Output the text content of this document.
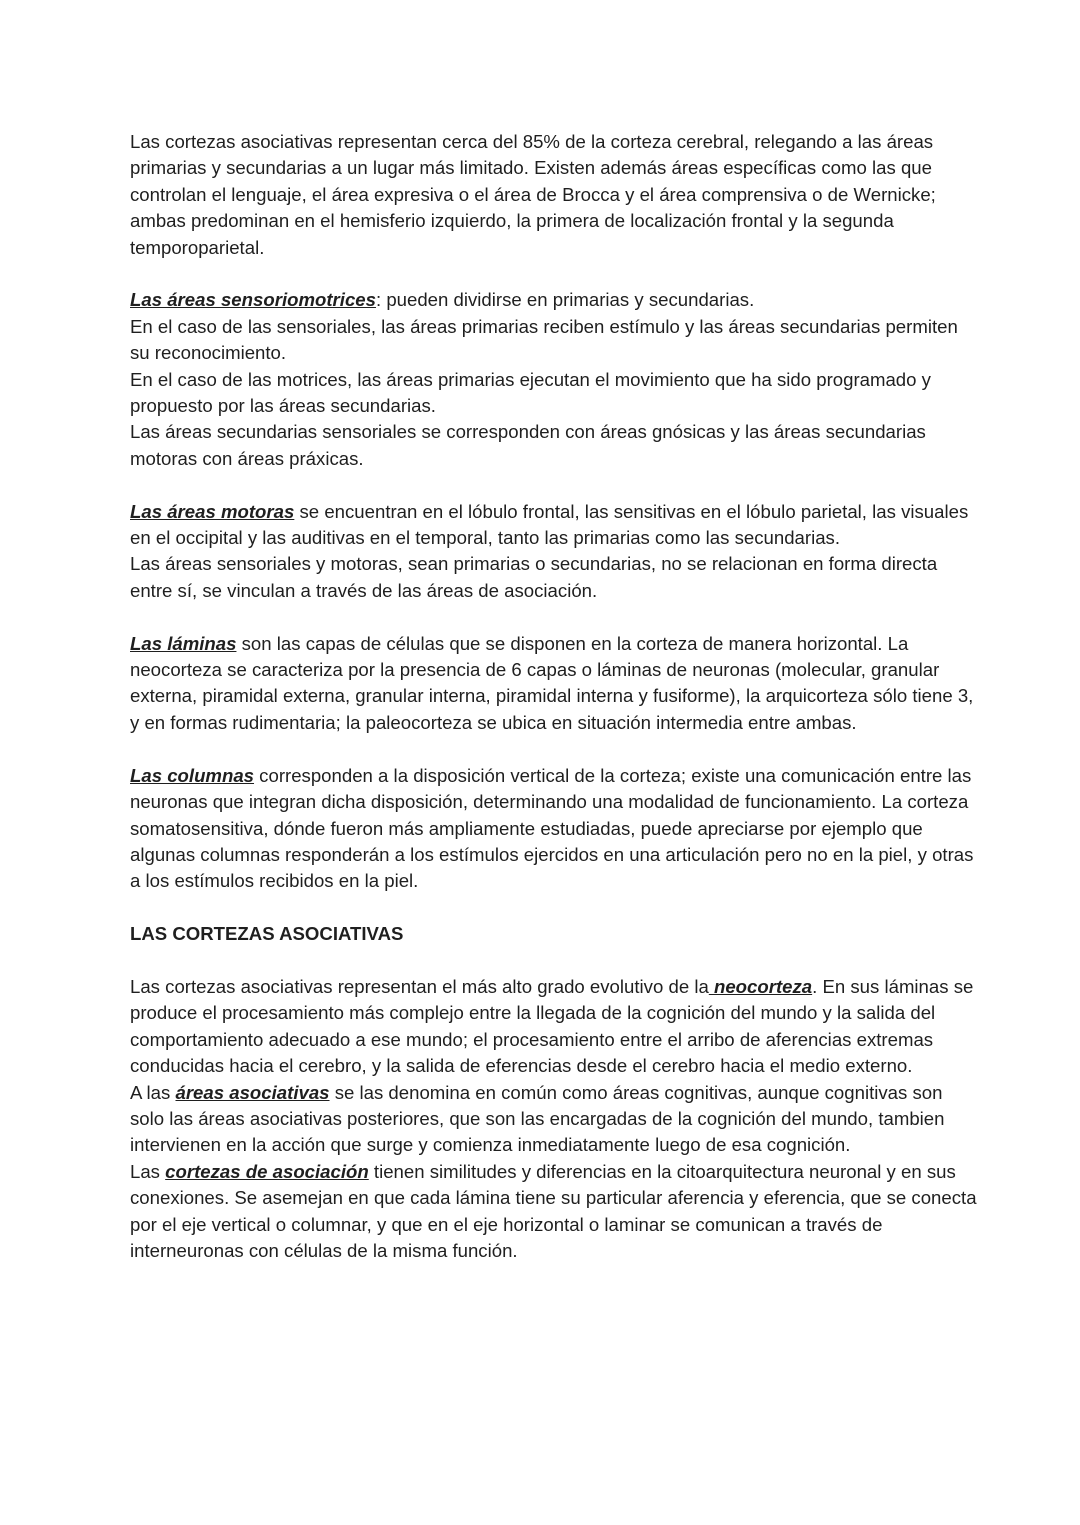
Las cortezas asociativas representan cerca del 85% de la corteza cerebral, relegando a las áreas primarias y secundarias a un lugar más limitado. Existen además áreas específicas como las que controlan el lenguaje, el área expresiva o el área de Brocca y el área comprensiva o de Wernicke; ambas predominan en el hemisferio izquierdo, la primera de localización frontal y la segunda temporoparietal.

Las áreas sensoriomotrices: pueden dividirse en primarias y secundarias.
En el caso de las sensoriales, las áreas primarias reciben estímulo y las áreas secundarias permiten su reconocimiento.
En el caso de las motrices, las áreas primarias ejecutan el movimiento que ha sido programado y propuesto por las áreas secundarias.
Las áreas secundarias sensoriales se corresponden con áreas gnósicas y las áreas secundarias motoras con áreas práxicas.

Las áreas motoras se encuentran en el lóbulo frontal, las sensitivas en el lóbulo parietal, las visuales en el occipital y las auditivas en el temporal, tanto las primarias como las secundarias.
Las áreas sensoriales y motoras, sean primarias o secundarias, no se relacionan en forma directa entre sí, se vinculan a través de las áreas de asociación.

Las láminas son las capas de células que se disponen en la corteza de manera horizontal. La neocorteza se caracteriza por la presencia de 6 capas o láminas de neuronas (molecular, granular externa, piramidal externa, granular interna, piramidal interna y fusiforme), la arquicorteza sólo tiene 3, y en formas rudimentaria; la paleocorteza se ubica en situación intermedia entre ambas.

Las columnas corresponden a la disposición vertical de la corteza; existe una comunicación entre las neuronas que integran dicha disposición, determinando una modalidad de funcionamiento. La corteza somatosensitiva, dónde fueron más ampliamente estudiadas, puede apreciarse por ejemplo que algunas columnas responderán a los estímulos ejercidos en una articulación pero no en la piel, y otras a los estímulos recibidos en la piel.

LAS CORTEZAS ASOCIATIVAS

Las cortezas asociativas representan el más alto grado evolutivo de la neocorteza. En sus láminas se produce el procesamiento más complejo entre la llegada de la cognición del mundo y la salida del comportamiento adecuado a ese mundo; el procesamiento entre el arribo de aferencias extremas conducidas hacia el cerebro, y la salida de eferencias desde el cerebro hacia el medio externo.
A las áreas asociativas se las denomina en común como áreas cognitivas, aunque cognitivas son solo las áreas asociativas posteriores, que son las encargadas de la cognición del mundo, tambien intervienen en la acción que surge y comienza inmediatamente luego de esa cognición.
Las cortezas de asociación tienen similitudes y diferencias en la citoarquitectura neuronal y en sus conexiones. Se asemejan en que cada lámina tiene su particular aferencia y eferencia, que se conecta por el eje vertical o columnar, y que en el eje horizontal o laminar se comunican a través de interneuronas con células de la misma función.
